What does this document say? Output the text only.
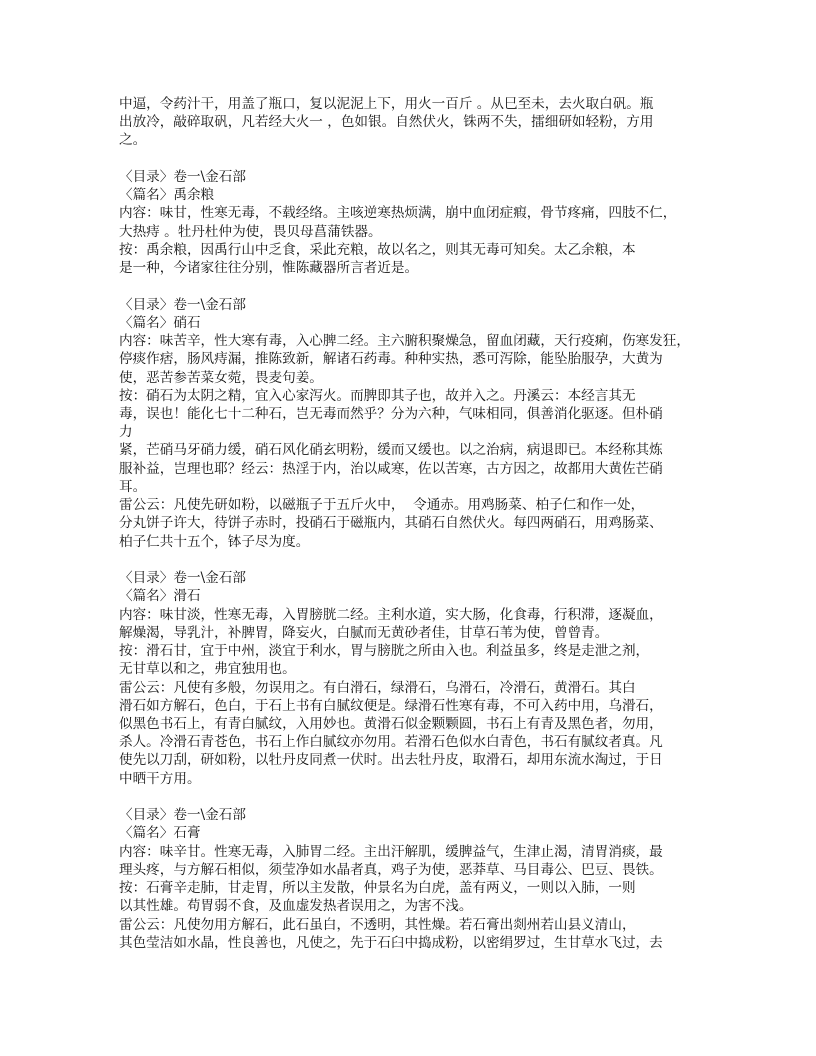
中逼，令药汁干，用盖了瓶口，复以泥泥上下，用火一百斤 。从巳至未，去火取白矾。瓶
出放冷，敲碎取矾，凡若经大火一 ，色如银。自然伏火，铢两不失，擂细研如轻粉，方用
之。
〈目录〉卷一\金石部
〈篇名〉禹余粮
内容：味甘，性寒无毒，不载经络。主咳逆寒热烦满，崩中血闭症瘕，骨节疼痛，四肢不仁，
大热痔 。牡丹杜仲为使，畏贝母菖蒲铁器。
按：禹余粮，因禹行山中乏食，采此充粮，故以名之，则其无毒可知矣。太乙余粮，本
是一种，今诸家往往分别，惟陈藏器所言者近是。
〈目录〉卷一\金石部
〈篇名〉硝石
内容：味苦辛，性大寒有毒，入心脾二经。主六腑积聚燥急，留血闭藏，天行疫痢，伤寒发狂，
停痰作痞，肠风痔漏，推陈致新，解诸石药毒。种种实热，悉可泻除，能坠胎服孕，大黄为
使，恶苦参苦菜女菀，畏麦句姜。
按：硝石为太阴之精，宜入心家泻火。而脾即其子也，故并入之。丹溪云：本经言其无
毒，误也！能化七十二种石，岂无毒而然乎？分为六种，气味相同，俱善消化驱逐。但朴硝
力
紧，芒硝马牙硝力缓，硝石风化硝玄明粉，缓而又缓也。以之治病，病退即已。本经称其炼
服补益，岂理也耶？经云：热淫于内，治以咸寒，佐以苦寒，古方因之，故都用大黄佐芒硝
耳。
雷公云：凡使先研如粉，以磁瓶子于五斤火中，  令通赤。用鸡肠菜、柏子仁和作一处，
分丸饼子许大，待饼子赤时，投硝石于磁瓶内，其硝石自然伏火。每四两硝石，用鸡肠菜、
柏子仁共十五个，钵子尽为度。
〈目录〉卷一\金石部
〈篇名〉滑石
内容：味甘淡，性寒无毒，入胃膀胱二经。主利水道，实大肠，化食毒，行积滞，逐凝血，
解燥渴，导乳汁，补脾胃，降妄火，白腻而无黄砂者佳，甘草石苇为使，曾曾青。
按：滑石甘，宜于中州，淡宜于利水，胃与膀胱之所由入也。利益虽多，终是走泄之剂，
无甘草以和之，弗宜独用也。
雷公云：凡使有多般，勿误用之。有白滑石，绿滑石，乌滑石，冷滑石，黄滑石。其白
滑石如方解石，色白，于石上书有白腻纹便是。绿滑石性寒有毒，不可入药中用，乌滑石，
似黑色书石上，有青白腻纹，入用妙也。黄滑石似金颗颗圆，书石上有青及黑色者，勿用，
杀人。冷滑石青苍色，书石上作白腻纹亦勿用。若滑石色似水白青色，书石有腻纹者真。凡
使先以刀刮，研如粉，以牡丹皮同煮一伏时。出去牡丹皮，取滑石，却用东流水淘过，于日
中晒干方用。
〈目录〉卷一\金石部
〈篇名〉石膏
内容：味辛甘。性寒无毒，入肺胃二经。主出汗解肌，缓脾益气，生津止渴，清胃消痰，最
理头疼，与方解石相似，须莹净如水晶者真，鸡子为使，恶莽草、马目毒公、巴豆、畏铁。
按：石膏辛走肺，甘走胃，所以主发散，仲景名为白虎，盖有两义，一则以入肺，一则
以其性雄。苟胃弱不食，及血虚发热者误用之，为害不浅。
雷公云：凡使勿用方解石，此石虽白，不透明，其性燥。若石膏出剡州若山县义清山，
其色莹洁如水晶，性良善也，凡使之，先于石臼中捣成粉，以密绢罗过，生甘草水飞过，去
